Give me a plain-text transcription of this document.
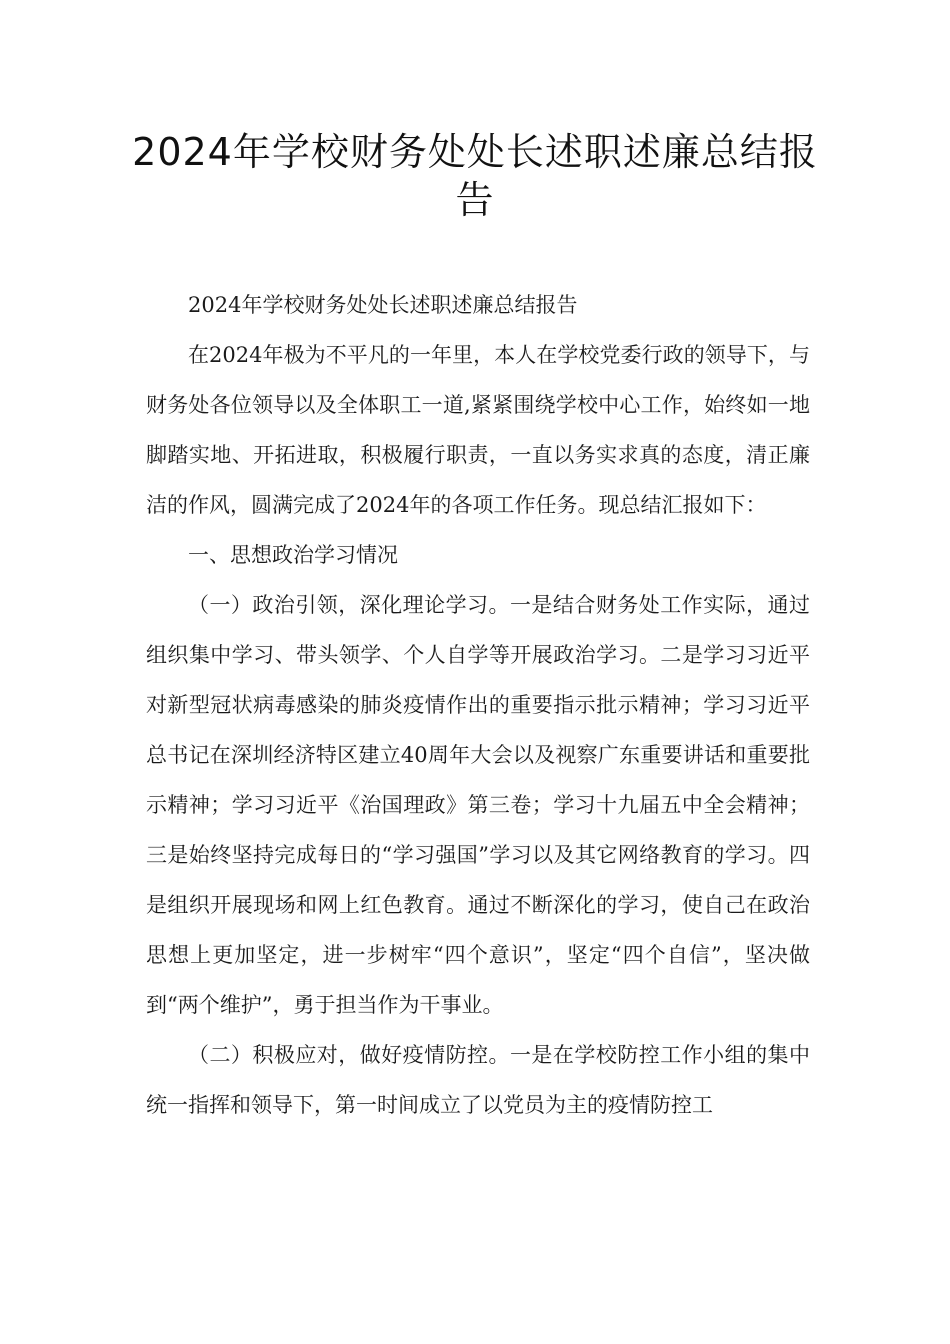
2024年学校财务处处长述职述廉总结报告

2024年学校财务处处长述职述廉总结报告

在2024年极为不平凡的一年里，本人在学校党委行政的领导下，与财务处各位领导以及全体职工一道,紧紧围绕学校中心工作，始终如一地脚踏实地、开拓进取，积极履行职责，一直以务实求真的态度，清正廉洁的作风，圆满完成了2024年的各项工作任务。现总结汇报如下：

一、思想政治学习情况

（一）政治引领，深化理论学习。一是结合财务处工作实际，通过组织集中学习、带头领学、个人自学等开展政治学习。二是学习习近平对新型冠状病毒感染的肺炎疫情作出的重要指示批示精神；学习习近平总书记在深圳经济特区建立40周年大会以及视察广东重要讲话和重要批示精神；学习习近平《治国理政》第三卷；学习十九届五中全会精神；三是始终坚持完成每日的“学习强国”学习以及其它网络教育的学习。四是组织开展现场和网上红色教育。通过不断深化的学习，使自己在政治思想上更加坚定，进一步树牢“四个意识”，坚定“四个自信”，坚决做到“两个维护”，勇于担当作为干事业。

（二）积极应对，做好疫情防控。一是在学校防控工作小组的集中统一指挥和领导下，第一时间成立了以党员为主的疫情防控工
